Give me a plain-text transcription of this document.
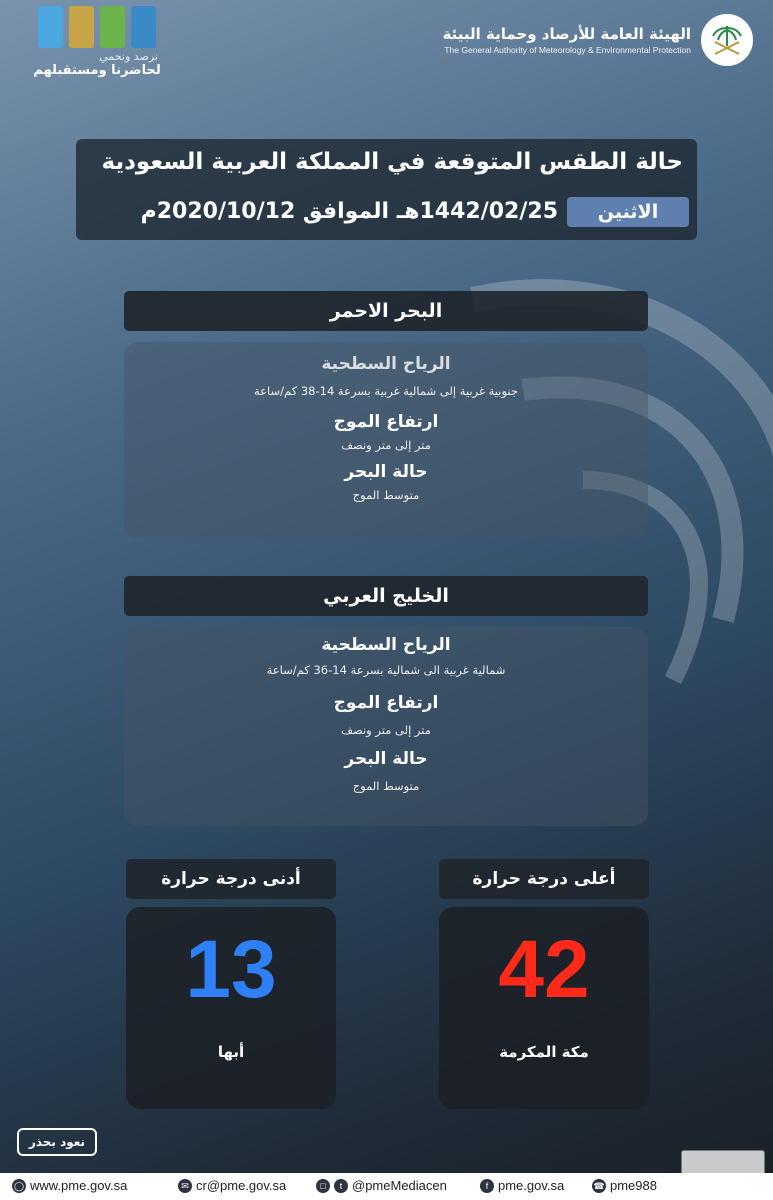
الهيئة العامة للأرصاد وحماية البيئة
The General Authority of Meteorology & Environmental Protection
نرصد ونحمي
لحاضرنا ومستقبلهم
حالة الطقس المتوقعة في المملكة العربية السعودية
الاثنين
1442/02/25هـ الموافق 2020/10/12م
البحر الاحمر
الرياح السطحية
جنوبية غربية إلى شمالية غربية بسرعة 14-38 كم/ساعة
ارتفاع الموج
متر إلى متر ونصف
حالة البحر
متوسط الموج
الخليج العربي
الرياح السطحية
شمالية غربية الى شمالية بسرعة 14-36 كم/ساعة
ارتفاع الموج
متر إلى متر ونصف
حالة البحر
متوسط الموج
أعلى درجة حرارة
أدنى درجة حرارة
42
مكة المكرمة
13
أبها
نعود بحذر
◯ www.pme.gov.sa	✉ cr@pme.gov.sa	□	t @pmeMediacen	f pme.gov.sa	☎ pme988
